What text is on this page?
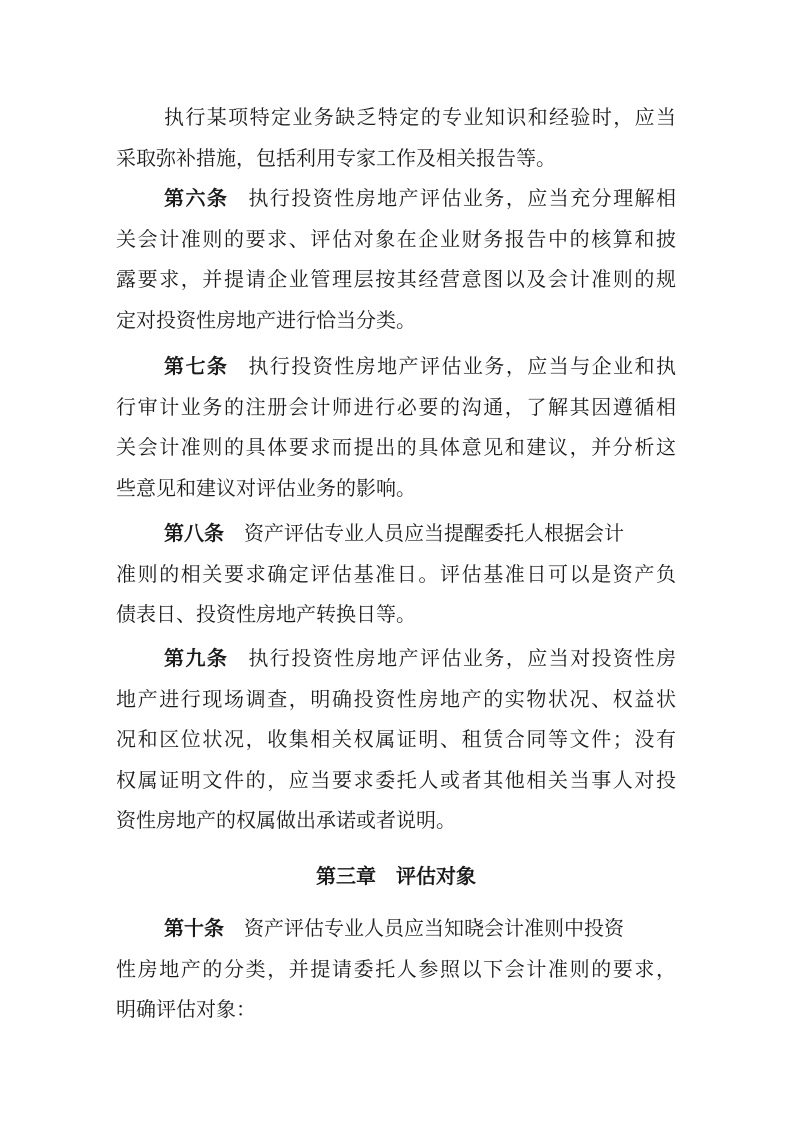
执行某项特定业务缺乏特定的专业知识和经验时，应当
采取弥补措施，包括利用专家工作及相关报告等。
第六条 执行投资性房地产评估业务，应当充分理解相
关会计准则的要求、评估对象在企业财务报告中的核算和披
露要求，并提请企业管理层按其经营意图以及会计准则的规
定对投资性房地产进行恰当分类。
第七条 执行投资性房地产评估业务，应当与企业和执
行审计业务的注册会计师进行必要的沟通，了解其因遵循相
关会计准则的具体要求而提出的具体意见和建议，并分析这
些意见和建议对评估业务的影响。
第八条 资产评估专业人员应当提醒委托人根据会计
准则的相关要求确定评估基准日。评估基准日可以是资产负
债表日、投资性房地产转换日等。
第九条 执行投资性房地产评估业务，应当对投资性房
地产进行现场调查，明确投资性房地产的实物状况、权益状
况和区位状况，收集相关权属证明、租赁合同等文件；没有
权属证明文件的，应当要求委托人或者其他相关当事人对投
资性房地产的权属做出承诺或者说明。
第三章 评估对象
第十条 资产评估专业人员应当知晓会计准则中投资
性房地产的分类，并提请委托人参照以下会计准则的要求，
明确评估对象：
